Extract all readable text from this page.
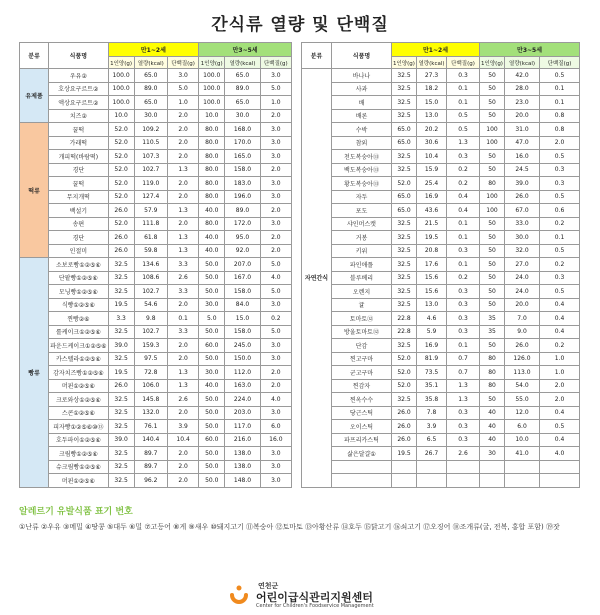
간식류 열량 및 단백질
분류	식품명	만1~2세			만3~5세		
		1인양(g)	열량(kcal)	단백질(g)	1인양(g)	열량(kcal)	단백질(g)
유제품	우유②	100.0	65.0	3.0	100.0	65.0	3.0
	호상요구르트②	100.0	89.0	5.0	100.0	89.0	5.0
	액상요구르트②	100.0	65.0	1.0	100.0	65.0	1.0
	치즈②	10.0	30.0	2.0	10.0	30.0	2.0
떡류	꿀떡	52.0	109.2	2.0	80.0	168.0	3.0
	가래떡	52.0	110.5	2.0	80.0	170.0	3.0
	개피떡(바람떡)	52.0	107.3	2.0	80.0	165.0	3.0
	경단	52.0	102.7	1.3	80.0	158.0	2.0
	꿀떡	52.0	119.0	2.0	80.0	183.0	3.0
	무지개떡	52.0	127.4	2.0	80.0	196.0	3.0
	백설기	26.0	57.9	1.3	40.0	89.0	2.0
	송편	52.0	111.8	2.0	80.0	172.0	3.0
	경단	26.0	61.8	1.3	40.0	95.0	2.0
	인절미	26.0	59.8	1.3	40.0	92.0	2.0
빵류	소보로빵①②⑤⑥	32.5	134.6	3.3	50.0	207.0	5.0
	단팥빵①②⑤⑥	32.5	108.6	2.6	50.0	167.0	4.0
	모닝빵①②⑤⑥	32.5	102.7	3.3	50.0	158.0	5.0
	식빵①②⑤⑥	19.5	54.6	2.0	30.0	84.0	3.0
	찐빵②⑥	3.3	9.8	0.1	5.0	15.0	0.2
	롤케이크①②⑤⑥	32.5	102.7	3.3	50.0	158.0	5.0
	파운드케이크①②⑤⑥	39.0	159.3	2.0	60.0	245.0	3.0
	카스텔라①②⑤⑥	32.5	97.5	2.0	50.0	150.0	3.0
	감자치즈빵①②⑤⑥	19.5	72.8	1.3	30.0	112.0	2.0
	머핀①②⑤⑥	26.0	106.0	1.3	40.0	163.0	2.0
	크로와상①②⑤⑥	32.5	145.8	2.6	50.0	224.0	4.0
	스콘①②⑤⑥	32.5	132.0	2.0	50.0	203.0	3.0
	피자빵①②⑤⑥⑩⑬	32.5	76.1	3.9	50.0	117.0	6.0
	호두파이①②⑤⑥	39.0	140.4	10.4	60.0	216.0	16.0
	크림빵①②⑤⑥	32.5	89.7	2.0	50.0	138.0	3.0
	슈크림빵①②⑤⑥	32.5	89.7	2.0	50.0	138.0	3.0
	머핀①②⑤⑥	32.5	96.2	2.0	50.0	148.0	3.0
분류	식품명	만1~2세			만3~5세		
		1인양(g)	열량(kcal)	단백질(g)	1인양(g)	열량(kcal)	단백질(g)
자연간식	바나나	32.5	27.3	0.3	50	42.0	0.5
	사과	32.5	18.2	0.1	50	28.0	0.1
	배	32.5	15.0	0.1	50	23.0	0.1
	배론	32.5	13.0	0.5	50	20.0	0.8
	수박	65.0	20.2	0.5	100	31.0	0.8
	참외	65.0	30.6	1.3	100	47.0	2.0
	천도복숭아⑬	32.5	10.4	0.3	50	16.0	0.5
	백도복숭아⑬	32.5	15.9	0.2	50	24.5	0.3
	황도복숭아⑬	52.0	25.4	0.2	80	39.0	0.3
	자두	65.0	16.9	0.4	100	26.0	0.5
	포도	65.0	43.6	0.4	100	67.0	0.6
	샤인머스캣	32.5	21.5	0.1	50	33.0	0.2
	거봉	32.5	19.5	0.1	50	30.0	0.1
	키위	32.5	20.8	0.3	50	32.0	0.5
	파인애플	32.5	17.6	0.1	50	27.0	0.2
	블루베리	32.5	15.6	0.2	50	24.0	0.3
	오렌지	32.5	15.6	0.3	50	24.0	0.5
	귤	32.5	13.0	0.3	50	20.0	0.4
	토마토⑫	22.8	4.6	0.3	35	7.0	0.4
	방울토마토⑫	22.8	5.9	0.3	35	9.0	0.4
	단감	32.5	16.9	0.1	50	26.0	0.2
	찐고구마	52.0	81.9	0.7	80	126.0	1.0
	군고구마	52.0	73.5	0.7	80	113.0	1.0
	찐감자	52.0	35.1	1.3	80	54.0	2.0
	찐옥수수	32.5	35.8	1.3	50	55.0	2.0
	당근스틱	26.0	7.8	0.3	40	12.0	0.4
	오이스틱	26.0	3.9	0.3	40	6.0	0.5
	파프리카스틱	26.0	6.5	0.3	40	10.0	0.4
	삶은달걀①	19.5	26.7	2.6	30	41.0	4.0

알레르기 유발식품 표기 번호
①난류 ②우유 ③메밀 ④땅콩 ⑤대두 ⑥밀 ⑦고등어 ⑧게 ⑨새우 ⑩돼지고기 ⑪복숭아 ⑫토마토 ⑬아황산류 ⑭호두 ⑮닭고기 ⑯쇠고기 ⑰오징어 ⑱조개류(굴, 전복, 홍합 포함) ⑲잣
연천군
어린이급식관리지원센터
Center for Children's Foodservice Management
